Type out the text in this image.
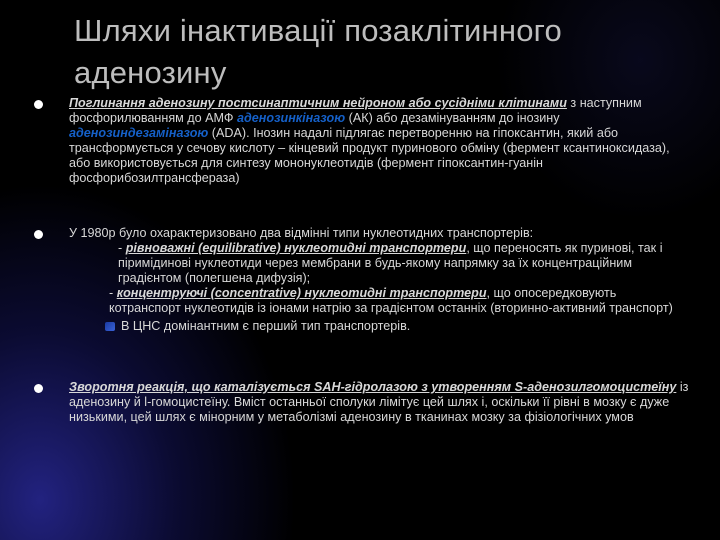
Шляхи інактивації позаклітинного аденозину
Поглинання аденозину постсинаптичним нейроном або сусідніми клітинами з наступним фосфорилюванням до АМФ аденозинкіназою (АК) або дезамінуванням до інозину аденозиндезаміназою (ADA). Інозин надалі підлягає перетворенню на гіпоксантин, який або трансформується у сечову кислоту – кінцевий продукт пуринового обміну (фермент ксантиноксидаза), або використовується для синтезу мононуклеотидів (фермент гіпоксантин-гуанін фосфорибозилтрансфераза)
У 1980р було охарактеризовано два відмінні типи нуклеотидних транспортерів:
- рівноважні (equilibrative) нуклеотидні транспортери, що переносять як пуринові, так і піримідинові нуклеотиди через мембрани в будь-якому напрямку за їх концентраційним градієнтом (полегшена дифузія);
- концентруючі (concentrative) нуклеотидні транспортери, що опосередковують котранспорт нуклеотидів із іонами натрію за градієнтом останніх (вторинно-активний транспорт)
В ЦНС домінантним є перший тип транспортерів.
Зворотня реакція, що каталізується SAH-гідролазою з утворенням S-аденозилгомоцистеїну із аденозину й l-гомоцистеїну. Вміст останньої сполуки лімітує цей шлях і, оскільки її рівні в мозку є дуже низькими, цей шлях є мінорним у метаболізмі аденозину в тканинах мозку за фізіологічних умов
